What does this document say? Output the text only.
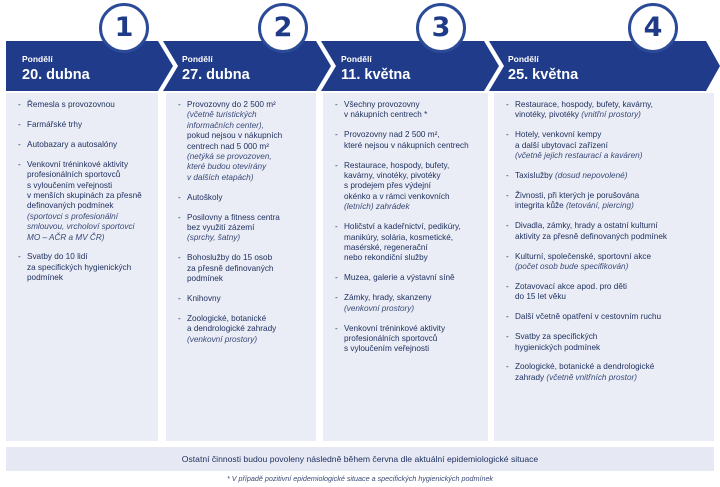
1	2	3	4
Pondělí
20. dubna
Pondělí
27. dubna
Pondělí
11. května
Pondělí
25. května
- Řemesla s provozovnou
- Farmářské trhy
- Autobazary a autosalóny
- Venkovní tréninkové aktivity
profesionálních sportovců
s vyloučením veřejnosti
v menších skupinách za přesně
definovaných podmínek
(sportovci s profesionální
smlouvou, vrcholoví sportovci
MO – AČR a MV ČR)
- Svatby do 10 lidí
za specifických hygienických
podmínek
- Provozovny do 2 500 m²
(včetně turistických
informačních center),
pokud nejsou v nákupních
centrech nad 5 000 m²
(netýká se provozoven,
které budou otevírány
v dalších etapách)
- Autoškoly
- Posilovny a fitness centra
bez využití zázemí
(sprchy, šatny)
- Bohoslužby do 15 osob
za přesně definovaných
podmínek
- Knihovny
- Zoologické, botanické
a dendrologické zahrady
(venkovní prostory)
- Všechny provozovny
v nákupních centrech *
- Provozovny nad 2 500 m²,
které nejsou v nákupních centrech
- Restaurace, hospody, bufety,
kavárny, vinotéky, pivotéky
s prodejem přes výdejní
okénko a v rámci venkovních
(letních) zahrádek
- Holičství a kadeřnictví, pedikúry,
manikúry, solária, kosmetické,
masérské, regenerační
nebo rekondiční služby
- Muzea, galerie a výstavní síně
- Zámky, hrady, skanzeny
(venkovní prostory)
- Venkovní tréninkové aktivity
profesionálních sportovců
s vyloučením veřejnosti
- Restaurace, hospody, bufety, kavárny,
vinotéky, pivotéky (vnitřní prostory)
- Hotely, venkovní kempy
a další ubytovací zařízení
(včetně jejich restaurací a kaváren)
- Taxislužby (dosud nepovolené)
- Živnosti, při kterých je porušována
integrita kůže (tetování, piercing)
- Divadla, zámky, hrady a ostatní kulturní
aktivity za přesně definovaných podmínek
- Kulturní, společenské, sportovní akce
(počet osob bude specifikován)
- Zotavovací akce apod. pro děti
do 15 let věku
- Další včetně opatření v cestovním ruchu
- Svatby za specifických
hygienických podmínek
- Zoologické, botanické a dendrologické
zahrady (včetně vnitřních prostor)
Ostatní činnosti budou povoleny následně během června dle aktuální epidemiologické situace
* V případě pozitivní epidemiologické situace a specifických hygienických podmínek
